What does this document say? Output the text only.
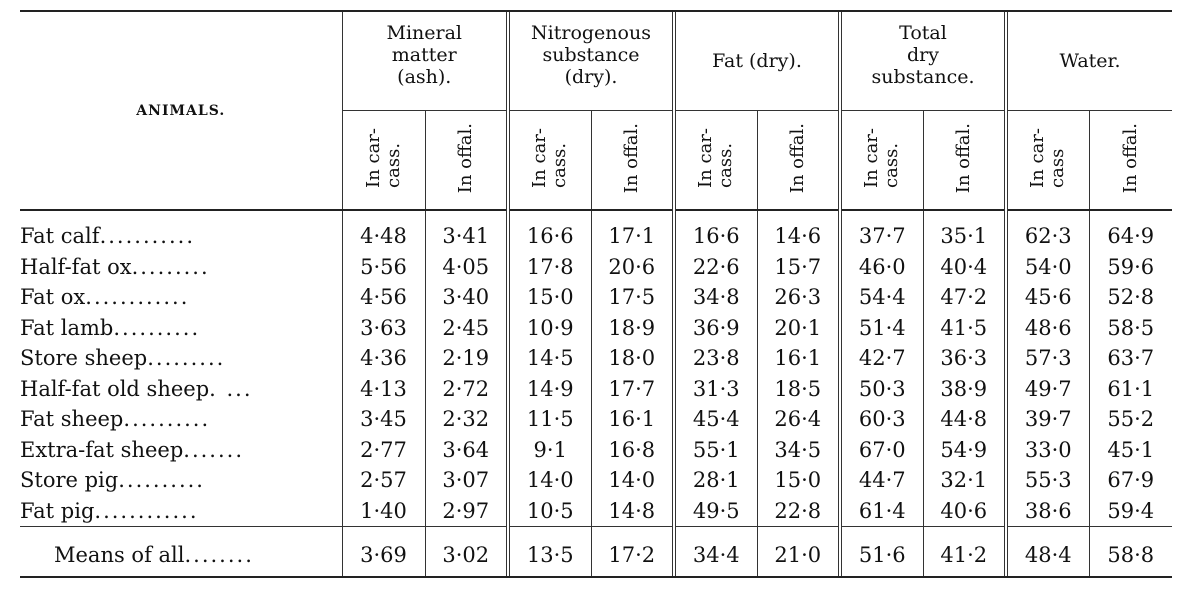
ANIMALS.	Mineral
matter
(ash).		Nitrogenous
substance
(dry).		Fat (dry).		Total
dry
substance.		Water.	
	In car-
cass.	In offal.	In car-
cass.	In offal.	In car-
cass.	In offal.	In car-
cass.	In offal.	In car-
cass	In offal.
Fat calf...........	4·48	3·41	16·6	17·1	16·6	14·6	37·7	35·1	62·3	64·9
Half-fat ox.........	5·56	4·05	17·8	20·6	22·6	15·7	46·0	40·4	54·0	59·6
Fat ox............	4·56	3·40	15·0	17·5	34·8	26·3	54·4	47·2	45·6	52·8
Fat lamb..........	3·63	2·45	10·9	18·9	36·9	20·1	51·4	41·5	48·6	58·5
Store sheep.........	4·36	2·19	14·5	18·0	23·8	16·1	42·7	36·3	57·3	63·7
Half-fat old sheep. ...	4·13	2·72	14·9	17·7	31·3	18·5	50·3	38·9	49·7	61·1
Fat sheep..........	3·45	2·32	11·5	16·1	45·4	26·4	60·3	44·8	39·7	55·2
Extra-fat sheep.......	2·77	3·64	9·1	16·8	55·1	34·5	67·0	54·9	33·0	45·1
Store pig..........	2·57	3·07	14·0	14·0	28·1	15·0	44·7	32·1	55·3	67·9
Fat pig............	1·40	2·97	10·5	14·8	49·5	22·8	61·4	40·6	38·6	59·4
Means of all........	3·69	3·02	13·5	17·2	34·4	21·0	51·6	41·2	48·4	58·8
